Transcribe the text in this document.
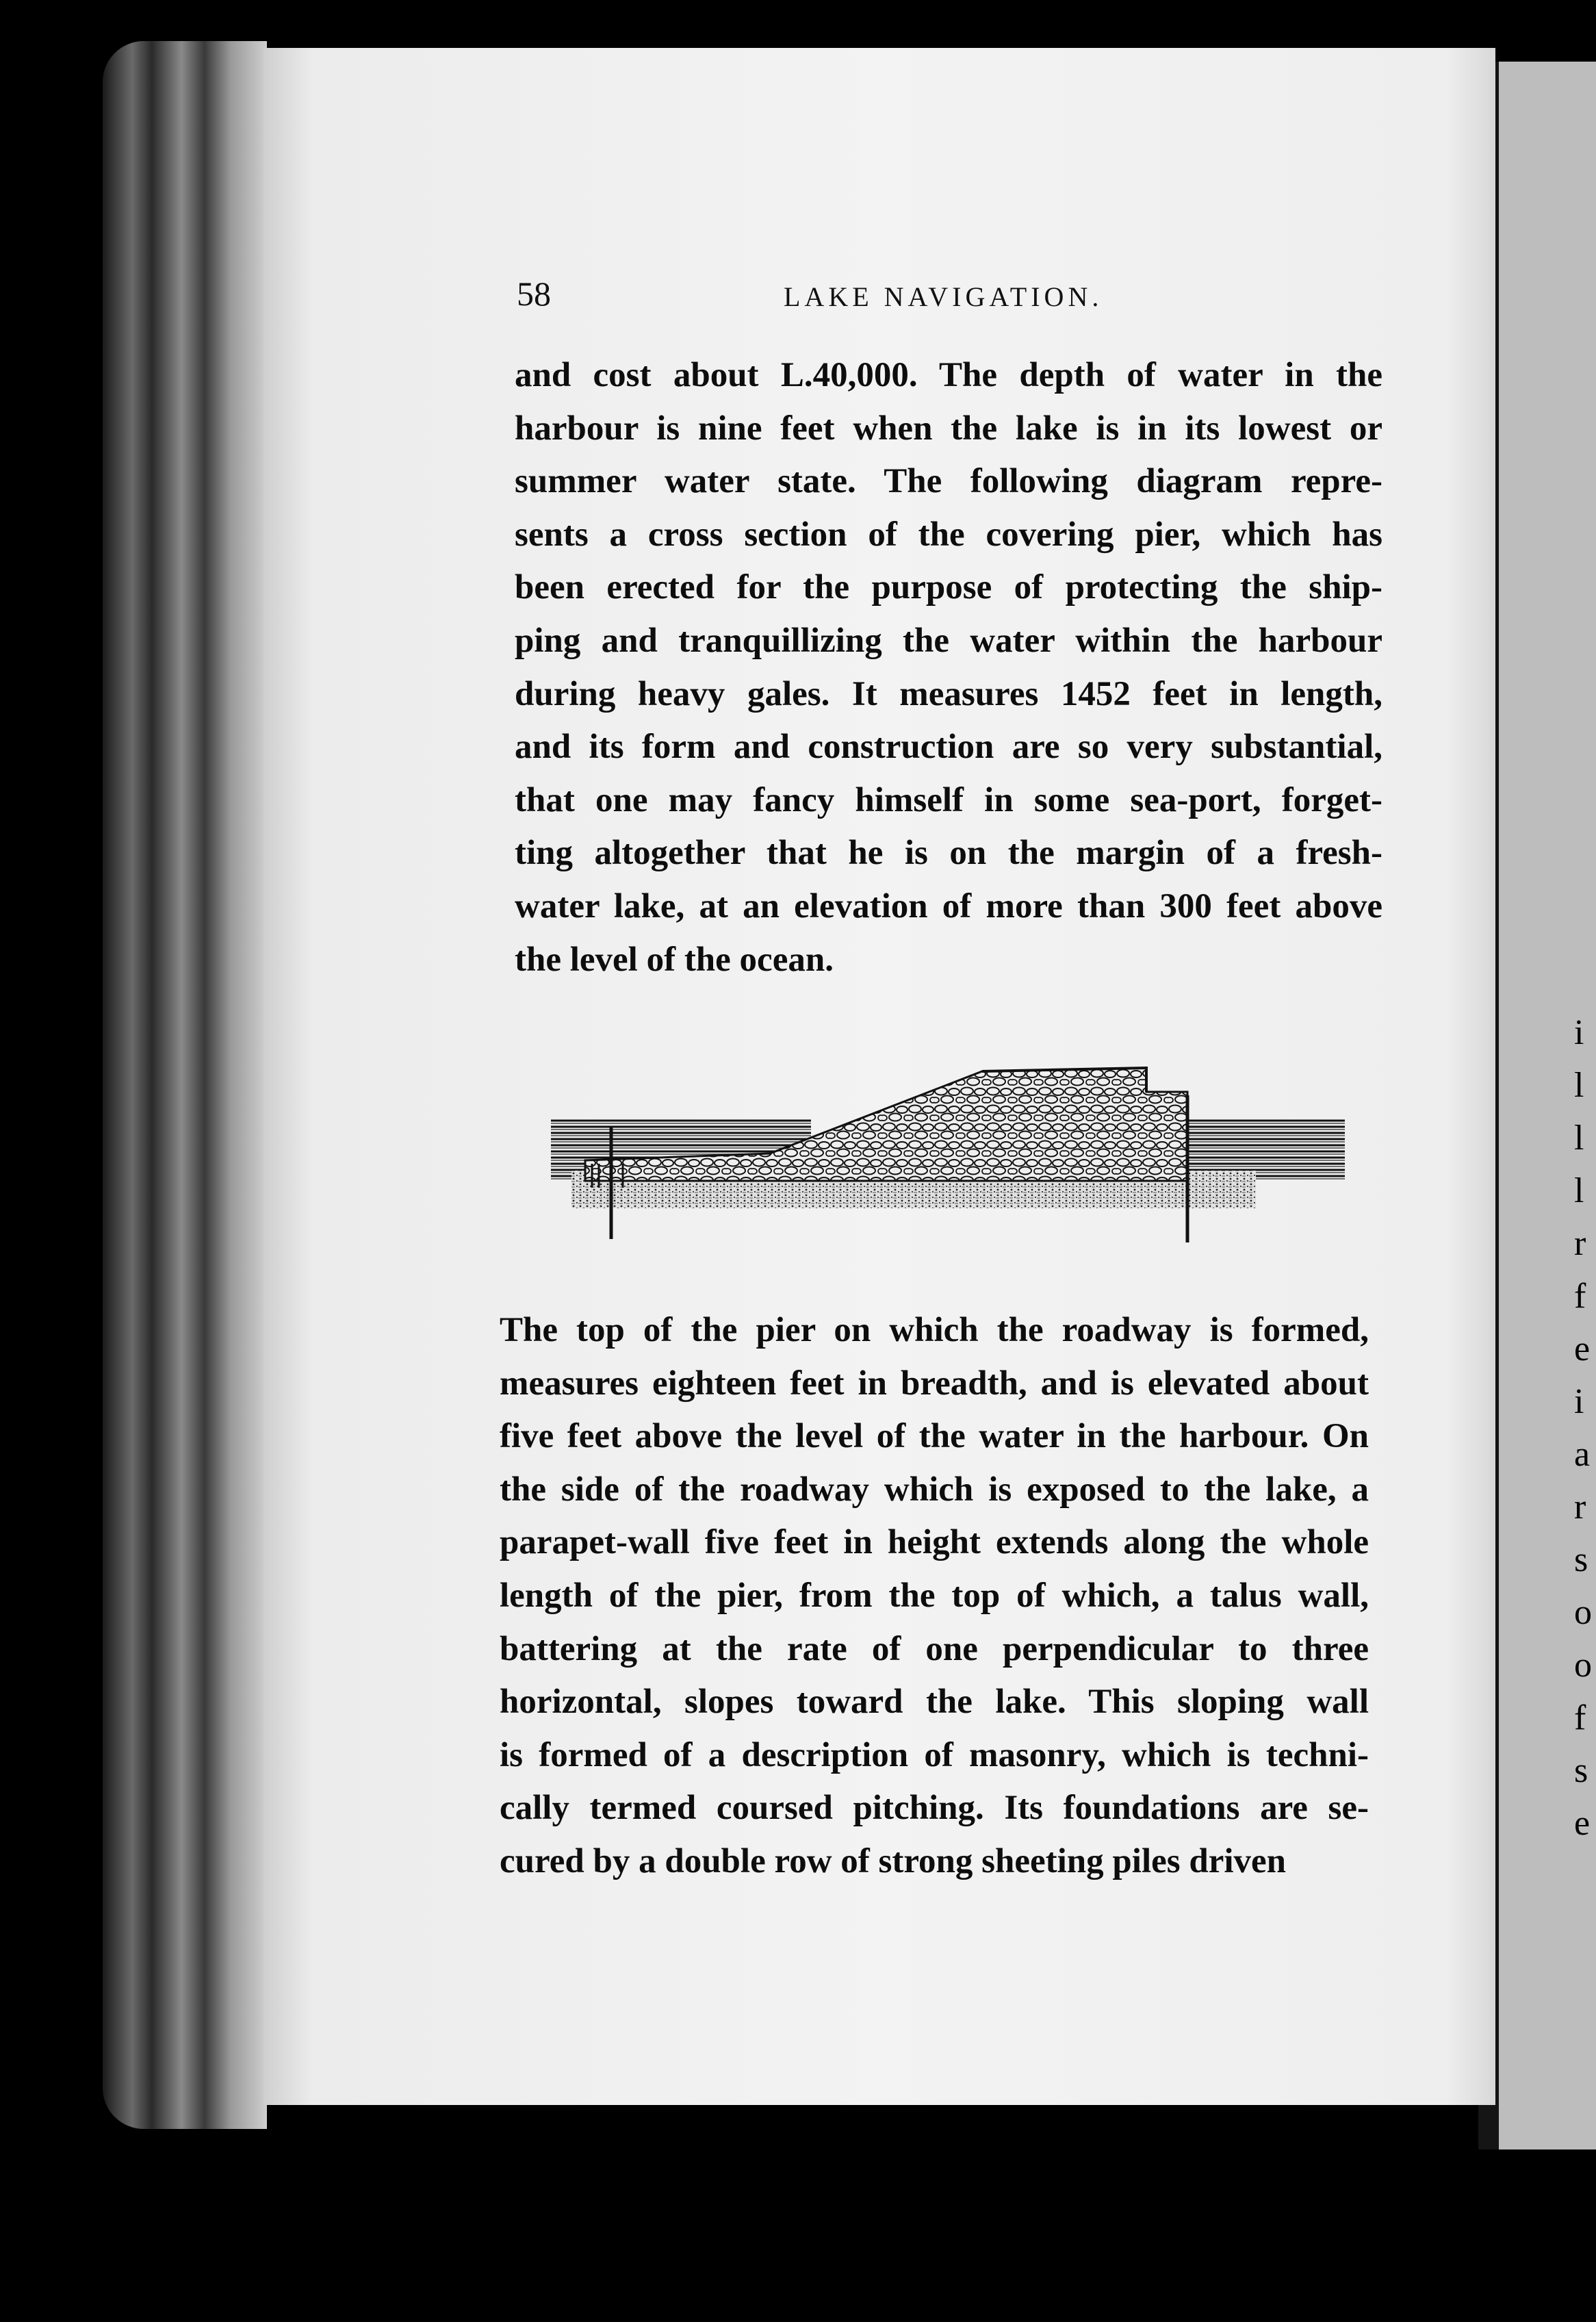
i
l
l
l
r
f
e
i
a
r
s
o
o
f
s
e
58	LAKE NAVIGATION.
and cost about L.40,000. The depth of water in the
harbour is nine feet when the lake is in its lowest or
summer water state. The following diagram repre-
sents a cross section of the covering pier, which has
been erected for the purpose of protecting the ship-
ping and tranquillizing the water within the harbour
during heavy gales. It measures 1452 feet in length,
and its form and construction are so very substantial,
that one may fancy himself in some sea-port, forget-
ting altogether that he is on the margin of a fresh-
water lake, at an elevation of more than 300 feet above
the level of the ocean.
The top of the pier on which the roadway is formed,
measures eighteen feet in breadth, and is elevated about
five feet above the level of the water in the harbour. On
the side of the roadway which is exposed to the lake, a
parapet-wall five feet in height extends along the whole
length of the pier, from the top of which, a talus wall,
battering at the rate of one perpendicular to three
horizontal, slopes toward the lake. This sloping wall
is formed of a description of masonry, which is techni-
cally termed coursed pitching. Its foundations are se-
cured by a double row of strong sheeting piles driven
